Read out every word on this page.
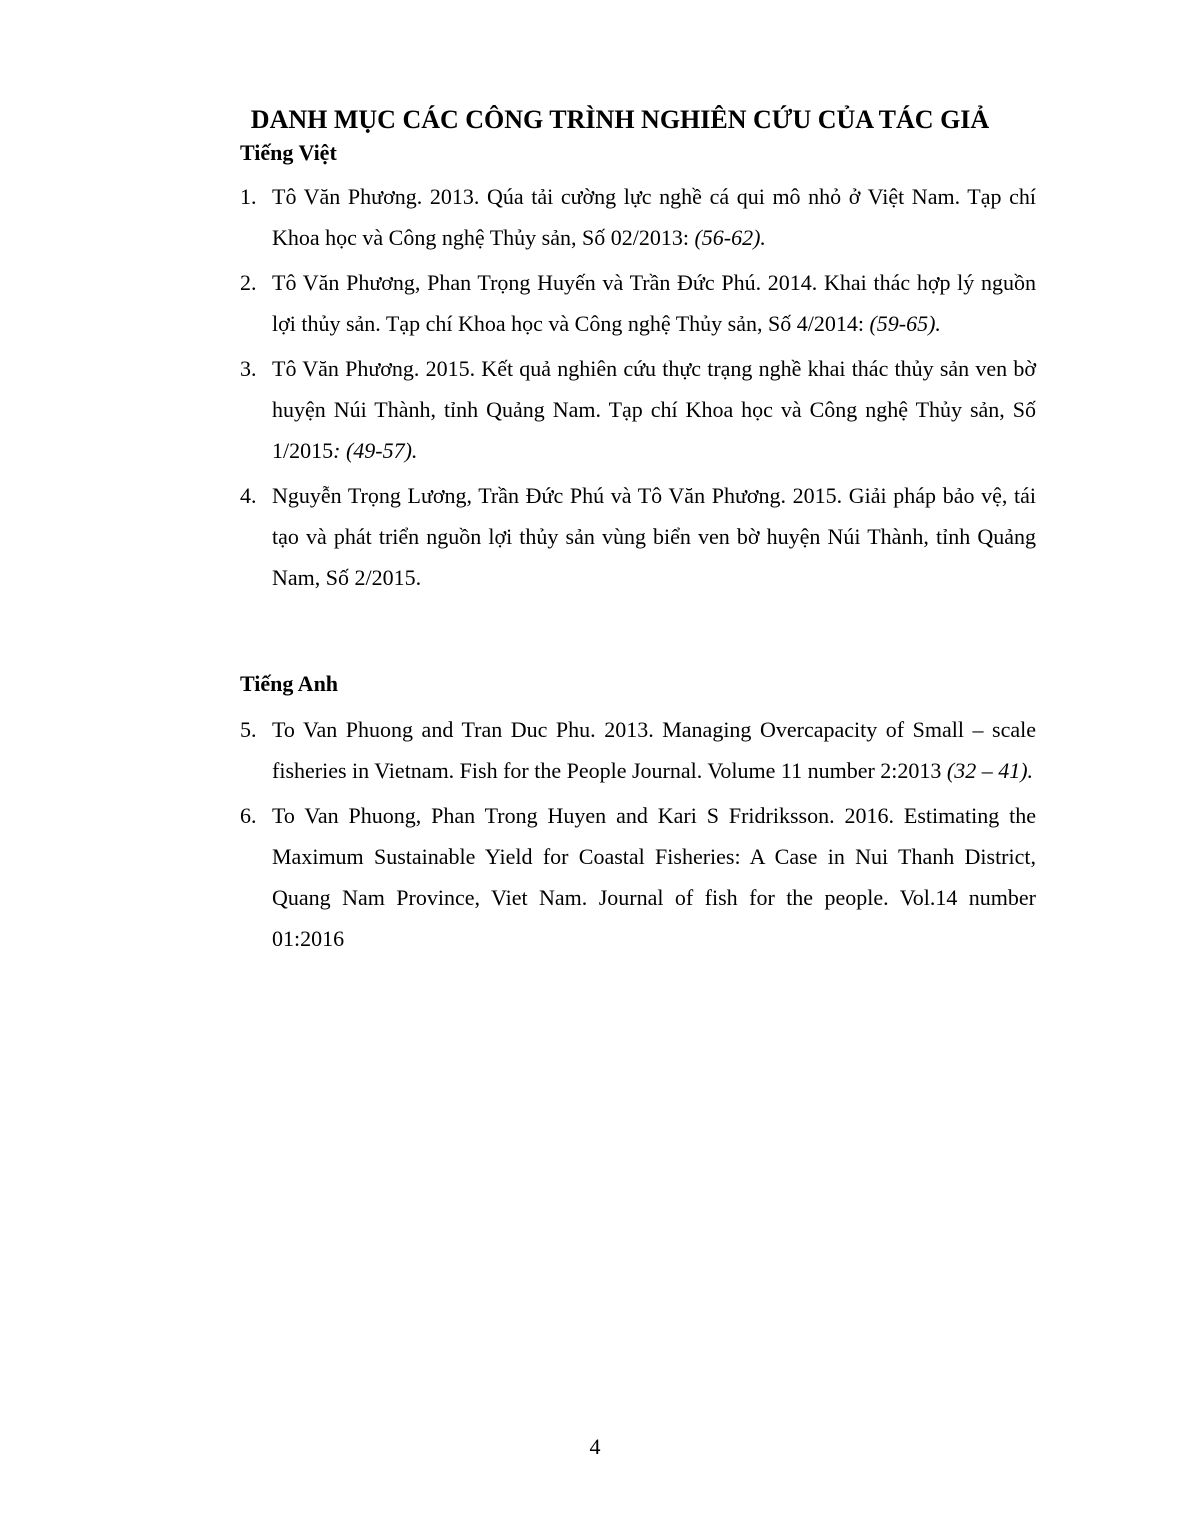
DANH MỤC CÁC CÔNG TRÌNH NGHIÊN CỨU CỦA TÁC GIẢ
Tiếng Việt
1. Tô Văn Phương. 2013. Qúa tải cường lực nghề cá qui mô nhỏ ở Việt Nam. Tạp chí Khoa học và Công nghệ Thủy sản, Số 02/2013: (56-62).
2. Tô Văn Phương, Phan Trọng Huyến và Trần Đức Phú. 2014. Khai thác hợp lý nguồn lợi thủy sản. Tạp chí Khoa học và Công nghệ Thủy sản, Số 4/2014: (59-65).
3. Tô Văn Phương. 2015. Kết quả nghiên cứu thực trạng nghề khai thác thủy sản ven bờ huyện Núi Thành, tỉnh Quảng Nam. Tạp chí Khoa học và Công nghệ Thủy sản, Số 1/2015: (49-57).
4. Nguyễn Trọng Lương, Trần Đức Phú và Tô Văn Phương. 2015. Giải pháp bảo vệ, tái tạo và phát triển nguồn lợi thủy sản vùng biển ven bờ huyện Núi Thành, tỉnh Quảng Nam, Số 2/2015.
Tiếng Anh
5. To Van Phuong and Tran Duc Phu. 2013. Managing Overcapacity of Small – scale fisheries in Vietnam. Fish for the People Journal. Volume 11 number 2:2013 (32 – 41).
6. To Van Phuong, Phan Trong Huyen and Kari S Fridriksson. 2016. Estimating the Maximum Sustainable Yield for Coastal Fisheries: A Case in Nui Thanh District, Quang Nam Province, Viet Nam. Journal of fish for the people. Vol.14 number 01:2016
4
